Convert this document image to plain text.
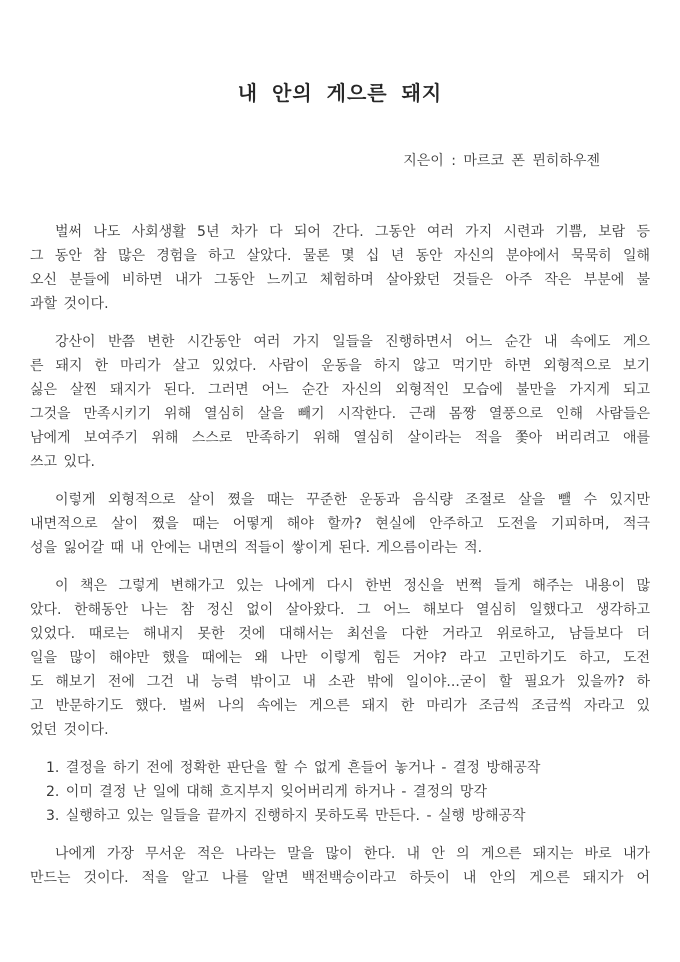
내 안의 게으른 돼지
지은이 : 마르코 폰 뮌히하우젠
벌써 나도 사회생활 5년 차가 다 되어 간다. 그동안 여러 가지 시련과 기쁨, 보람 등
그 동안 참 많은 경험을 하고 살았다. 물론 몇 십 년 동안 자신의 분야에서 묵묵히 일해
오신 분들에 비하면 내가 그동안 느끼고 체험하며 살아왔던 것들은 아주 작은 부분에 불
과할 것이다.
강산이 반쯤 변한 시간동안 여러 가지 일들을 진행하면서 어느 순간 내 속에도 게으
른 돼지 한 마리가 살고 있었다. 사람이 운동을 하지 않고 먹기만 하면 외형적으로 보기
싫은 살찐 돼지가 된다. 그러면 어느 순간 자신의 외형적인 모습에 불만을 가지게 되고
그것을 만족시키기 위해 열심히 살을 빼기 시작한다. 근래 몸짱 열풍으로 인해 사람들은
남에게 보여주기 위해 스스로 만족하기 위해 열심히 살이라는 적을 쫓아 버리려고 애를
쓰고 있다.
이렇게 외형적으로 살이 쪘을 때는 꾸준한 운동과 음식량 조절로 살을 뺄 수 있지만
내면적으로 살이 쪘을 때는 어떻게 해야 할까? 현실에 안주하고 도전을 기피하며, 적극
성을 잃어갈 때 내 안에는 내면의 적들이 쌓이게 된다. 게으름이라는 적.
이 책은 그렇게 변해가고 있는 나에게 다시 한번 정신을 번쩍 들게 해주는 내용이 많
았다. 한해동안 나는 참 정신 없이 살아왔다. 그 어느 해보다 열심히 일했다고 생각하고
있었다. 때로는 해내지 못한 것에 대해서는 최선을 다한 거라고 위로하고, 남들보다 더
일을 많이 해야만 했을 때에는 왜 나만 이렇게 힘든 거야? 라고 고민하기도 하고, 도전
도 해보기 전에 그건 내 능력 밖이고 내 소관 밖에 일이야...굳이 할 필요가 있을까? 하
고 반문하기도 했다. 벌써 나의 속에는 게으른 돼지 한 마리가 조금씩 조금씩 자라고 있
었던 것이다.
1. 결정을 하기 전에 정확한 판단을 할 수 없게 흔들어 놓거나 - 결정 방해공작
2. 이미 결정 난 일에 대해 흐지부지 잊어버리게 하거나 - 결정의 망각
3. 실행하고 있는 일들을 끝까지 진행하지 못하도록 만든다. - 실행 방해공작
나에게 가장 무서운 적은 나라는 말을 많이 한다. 내 안 의 게으른 돼지는 바로 내가
만드는 것이다. 적을 알고 나를 알면 백전백승이라고 하듯이 내 안의 게으른 돼지가 어
